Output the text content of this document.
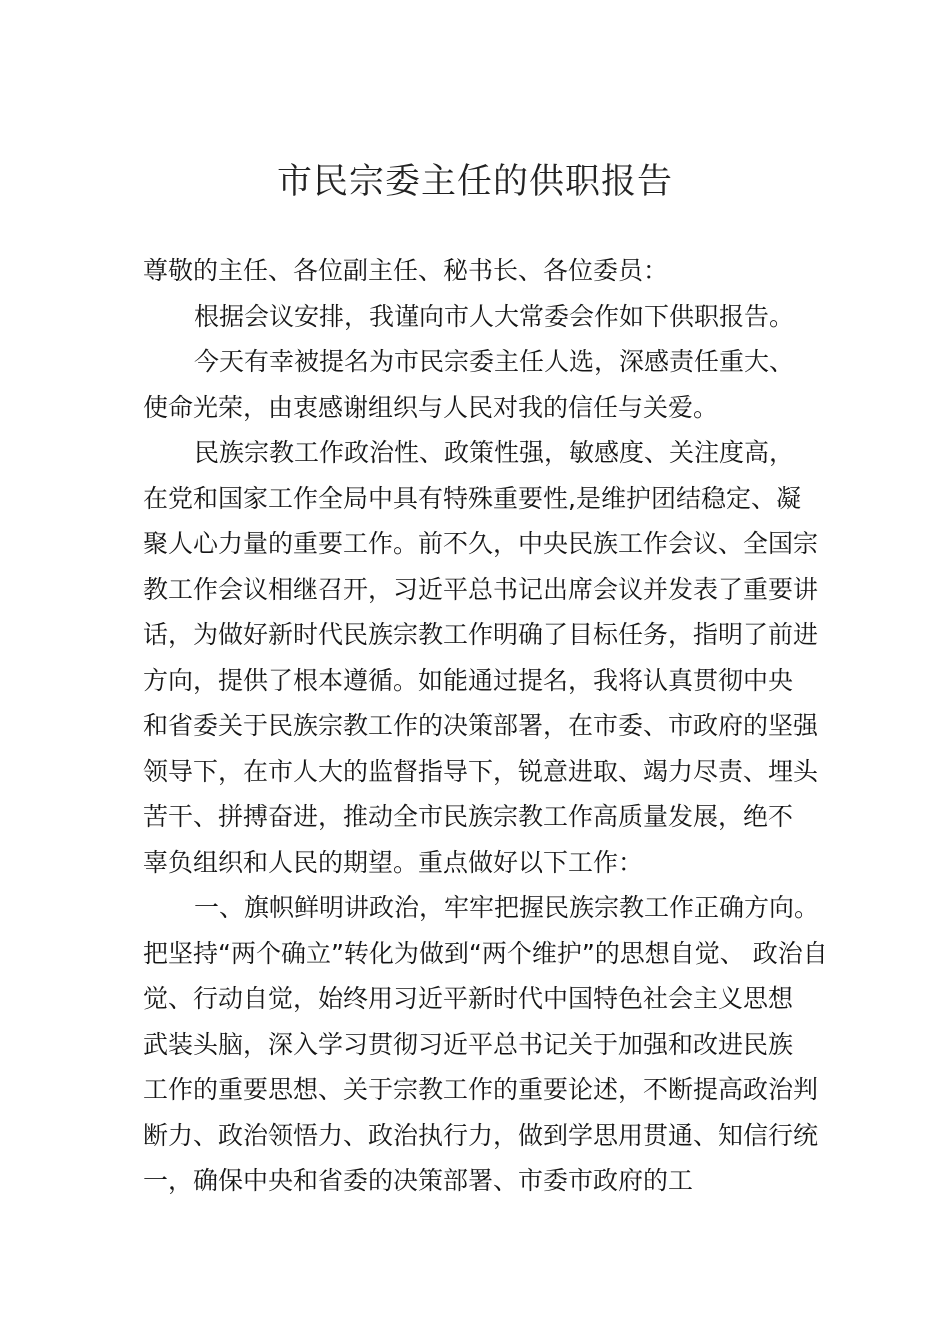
市民宗委主任的供职报告
尊敬的主任、各位副主任、秘书长、各位委员：
根据会议安排，我谨向市人大常委会作如下供职报告。
今天有幸被提名为市民宗委主任人选，深感责任重大、
使命光荣，由衷感谢组织与人民对我的信任与关爱。
民族宗教工作政治性、政策性强，敏感度、关注度高，
在党和国家工作全局中具有特殊重要性,是维护团结稳定、凝
聚人心力量的重要工作。前不久，中央民族工作会议、全国宗
教工作会议相继召开，习近平总书记出席会议并发表了重要讲
话，为做好新时代民族宗教工作明确了目标任务，指明了前进
方向，提供了根本遵循。如能通过提名，我将认真贯彻中央
和省委关于民族宗教工作的决策部署，在市委、市政府的坚强
领导下，在市人大的监督指导下，锐意进取、竭力尽责、埋头
苦干、拼搏奋进，推动全市民族宗教工作高质量发展，绝不
辜负组织和人民的期望。重点做好以下工作：
一、旗帜鲜明讲政治，牢牢把握民族宗教工作正确方向。
把坚持“两个确立”转化为做到“两个维护”的思想自觉、 政治自
觉、行动自觉，始终用习近平新时代中国特色社会主义思想
武装头脑，深入学习贯彻习近平总书记关于加强和改进民族
工作的重要思想、关于宗教工作的重要论述，不断提高政治判
断力、政治领悟力、政治执行力，做到学思用贯通、知信行统
一，确保中央和省委的决策部署、市委市政府的工
